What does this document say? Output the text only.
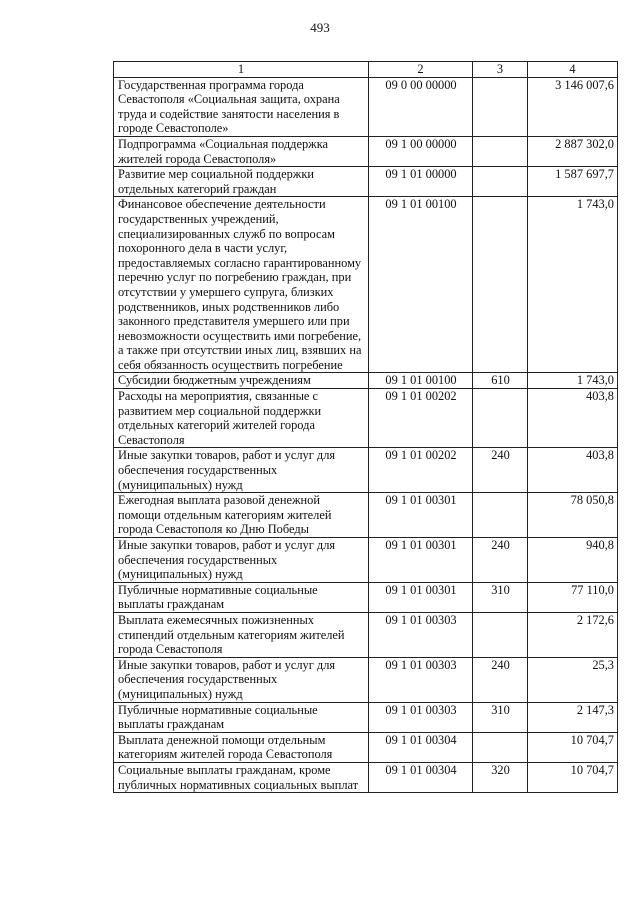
493
1	2	3	4
Государственная программа города Севастополя «Социальная защита, охрана труда и содействие занятости населения в городе Севастополе»	09 0 00 00000		3 146 007,6
Подпрограмма «Социальная поддержка жителей города Севастополя»	09 1 00 00000		2 887 302,0
Развитие мер социальной поддержки отдельных категорий граждан	09 1 01 00000		1 587 697,7
Финансовое обеспечение деятельности государственных учреждений, специализированных служб по вопросам похоронного дела в части услуг, предоставляемых согласно гарантированному перечню услуг по погребению граждан, при отсутствии у умершего супруга, близких родственников, иных родственников либо законного представителя умершего или при невозможности осуществить ими погребение, а также при отсутствии иных лиц, взявших на себя обязанность осуществить погребение	09 1 01 00100		1 743,0
Субсидии бюджетным учреждениям	09 1 01 00100	610	1 743,0
Расходы на мероприятия, связанные с развитием мер социальной поддержки отдельных категорий жителей города Севастополя	09 1 01 00202		403,8
Иные закупки товаров, работ и услуг для обеспечения государственных (муниципальных) нужд	09 1 01 00202	240	403,8
Ежегодная выплата разовой денежной помощи отдельным категориям жителей города Севастополя ко Дню Победы	09 1 01 00301		78 050,8
Иные закупки товаров, работ и услуг для обеспечения государственных (муниципальных) нужд	09 1 01 00301	240	940,8
Публичные нормативные социальные выплаты гражданам	09 1 01 00301	310	77 110,0
Выплата ежемесячных пожизненных стипендий отдельным категориям жителей города Севастополя	09 1 01 00303		2 172,6
Иные закупки товаров, работ и услуг для обеспечения государственных (муниципальных) нужд	09 1 01 00303	240	25,3
Публичные нормативные социальные выплаты гражданам	09 1 01 00303	310	2 147,3
Выплата денежной помощи отдельным категориям жителей города Севастополя	09 1 01 00304		10 704,7
Социальные выплаты гражданам, кроме публичных нормативных социальных выплат	09 1 01 00304	320	10 704,7
